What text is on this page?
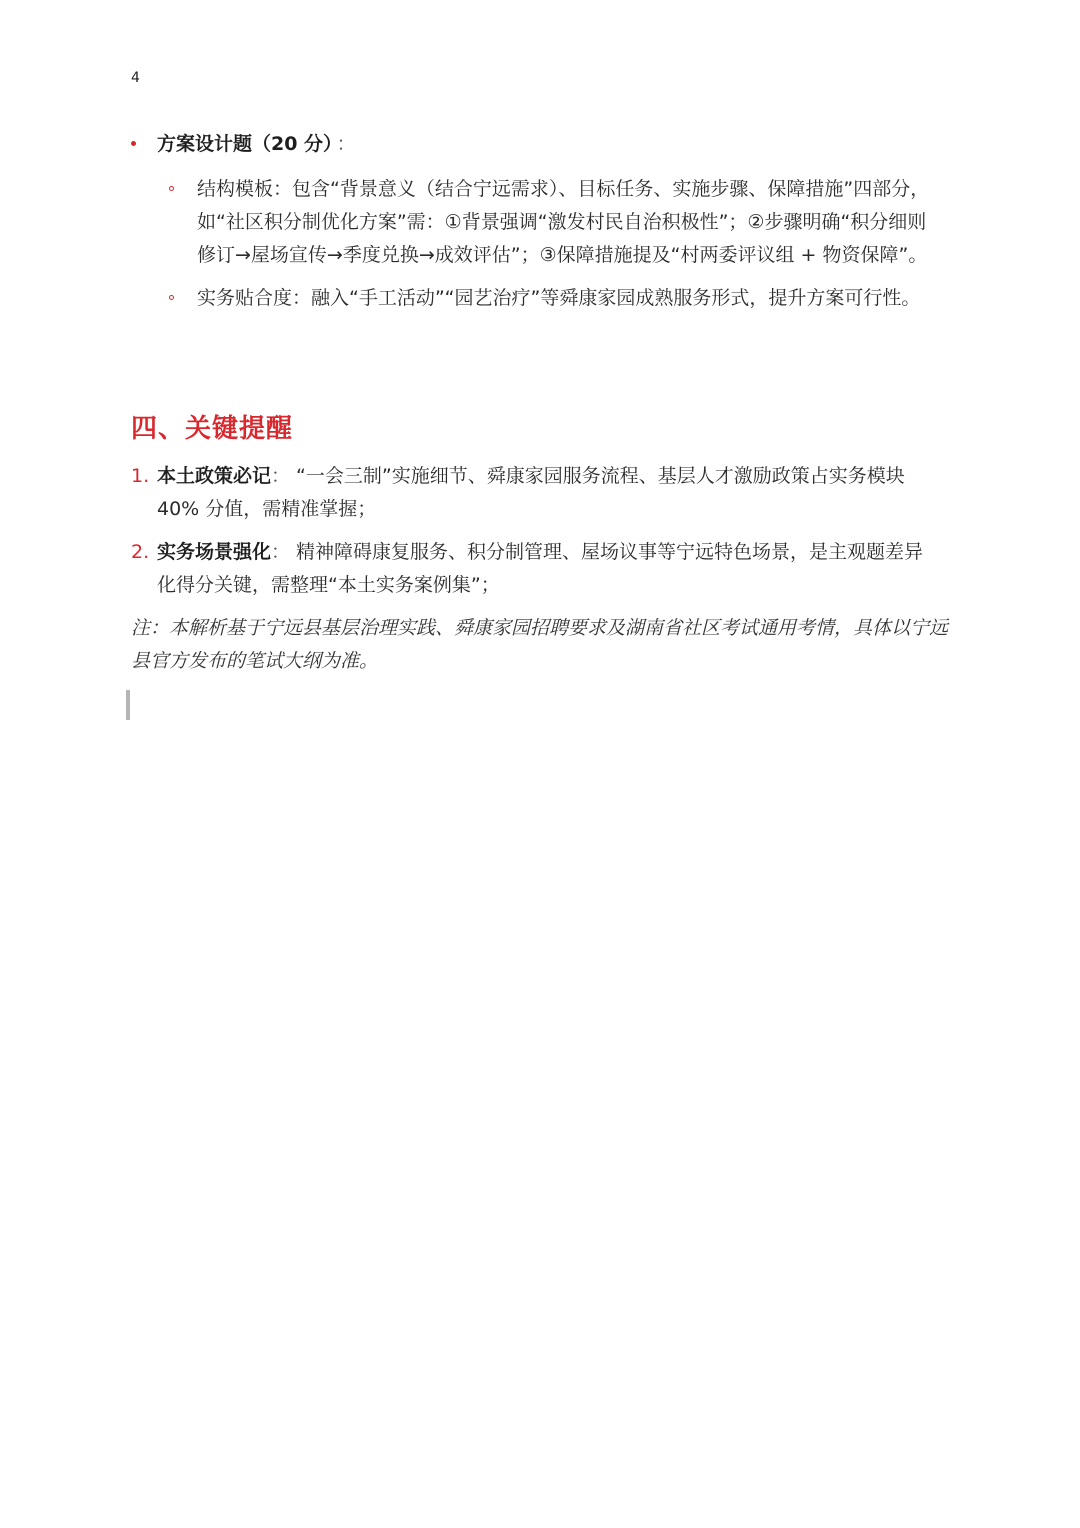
4
方案设计题（20 分） ：
结构模板：包含“背景意义（结合宁远需求）、目标任务、实施步骤、保障措施”四部分，如“社区积分制优化方案”需：①背景强调“激发村民自治积极性”；②步骤明确“积分细则修订→屋场宣传→季度兑换→成效评估”；③保障措施提及“村两委评议组 + 物资保障”。
实务贴合度：融入“手工活动”“园艺治疗”等舜康家园成熟服务形式，提升方案可行性。
四、关键提醒
1. 本土政策必记： “一会三制”实施细节、舜康家园服务流程、基层人才激励政策占实务模块 40% 分值，需精准掌握；
2. 实务场景强化： 精神障碍康复服务、积分制管理、屋场议事等宁远特色场景，是主观题差异化得分关键，需整理“本土实务案例集”；
注：本解析基于宁远县基层治理实践、舜康家园招聘要求及湖南省社区考试通用考情，具体以宁远县官方发布的笔试大纲为准。
